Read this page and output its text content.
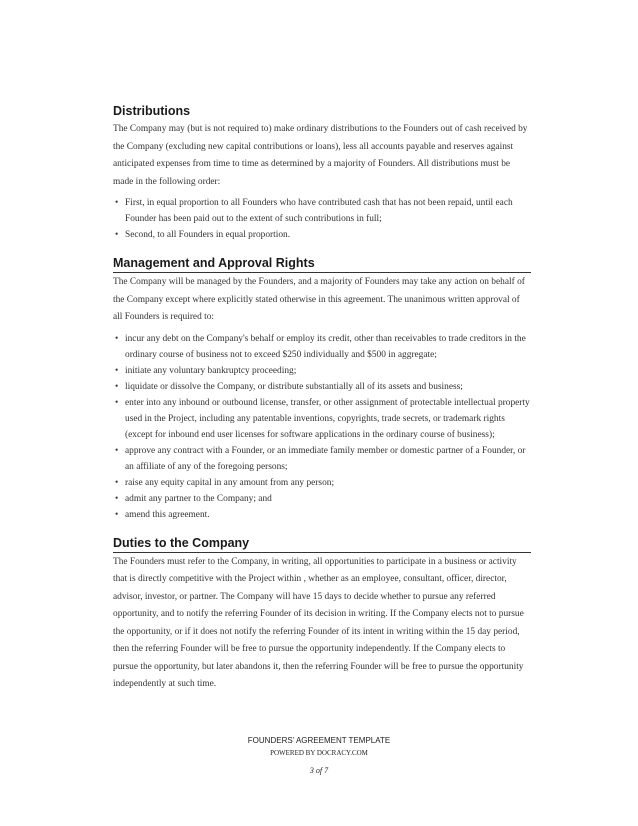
Distributions

The Company may (but is not required to) make ordinary distributions to the Founders out of cash received by the Company (excluding new capital contributions or loans), less all accounts payable and reserves against anticipated expenses from time to time as determined by a majority of Founders. All distributions must be made in the following order:

• First, in equal proportion to all Founders who have contributed cash that has not been repaid, until each Founder has been paid out to the extent of such contributions in full;
• Second, to all Founders in equal proportion.
Management and Approval Rights

The Company will be managed by the Founders, and a majority of Founders may take any action on behalf of the Company except where explicitly stated otherwise in this agreement. The unanimous written approval of all Founders is required to:

• incur any debt on the Company's behalf or employ its credit, other than receivables to trade creditors in the ordinary course of business not to exceed $250 individually and $500 in aggregate;
• initiate any voluntary bankruptcy proceeding;
• liquidate or dissolve the Company, or distribute substantially all of its assets and business;
• enter into any inbound or outbound license, transfer, or other assignment of protectable intellectual property used in the Project, including any patentable inventions, copyrights, trade secrets, or trademark rights (except for inbound end user licenses for software applications in the ordinary course of business);
• approve any contract with a Founder, or an immediate family member or domestic partner of a Founder, or an affiliate of any of the foregoing persons;
• raise any equity capital in any amount from any person;
• admit any partner to the Company; and
• amend this agreement.
Duties to the Company

The Founders must refer to the Company, in writing, all opportunities to participate in a business or activity that is directly competitive with the Project within , whether as an employee, consultant, officer, director, advisor, investor, or partner. The Company will have 15 days to decide whether to pursue any referred opportunity, and to notify the referring Founder of its decision in writing. If the Company elects not to pursue the opportunity, or if it does not notify the referring Founder of its intent in writing within the 15 day period, then the referring Founder will be free to pursue the opportunity independently. If the Company elects to pursue the opportunity, but later abandons it, then the referring Founder will be free to pursue the opportunity independently at such time.

FOUNDERS’ AGREEMENT TEMPLATE
POWERED BY DOCRACY.COM
3 of 7
